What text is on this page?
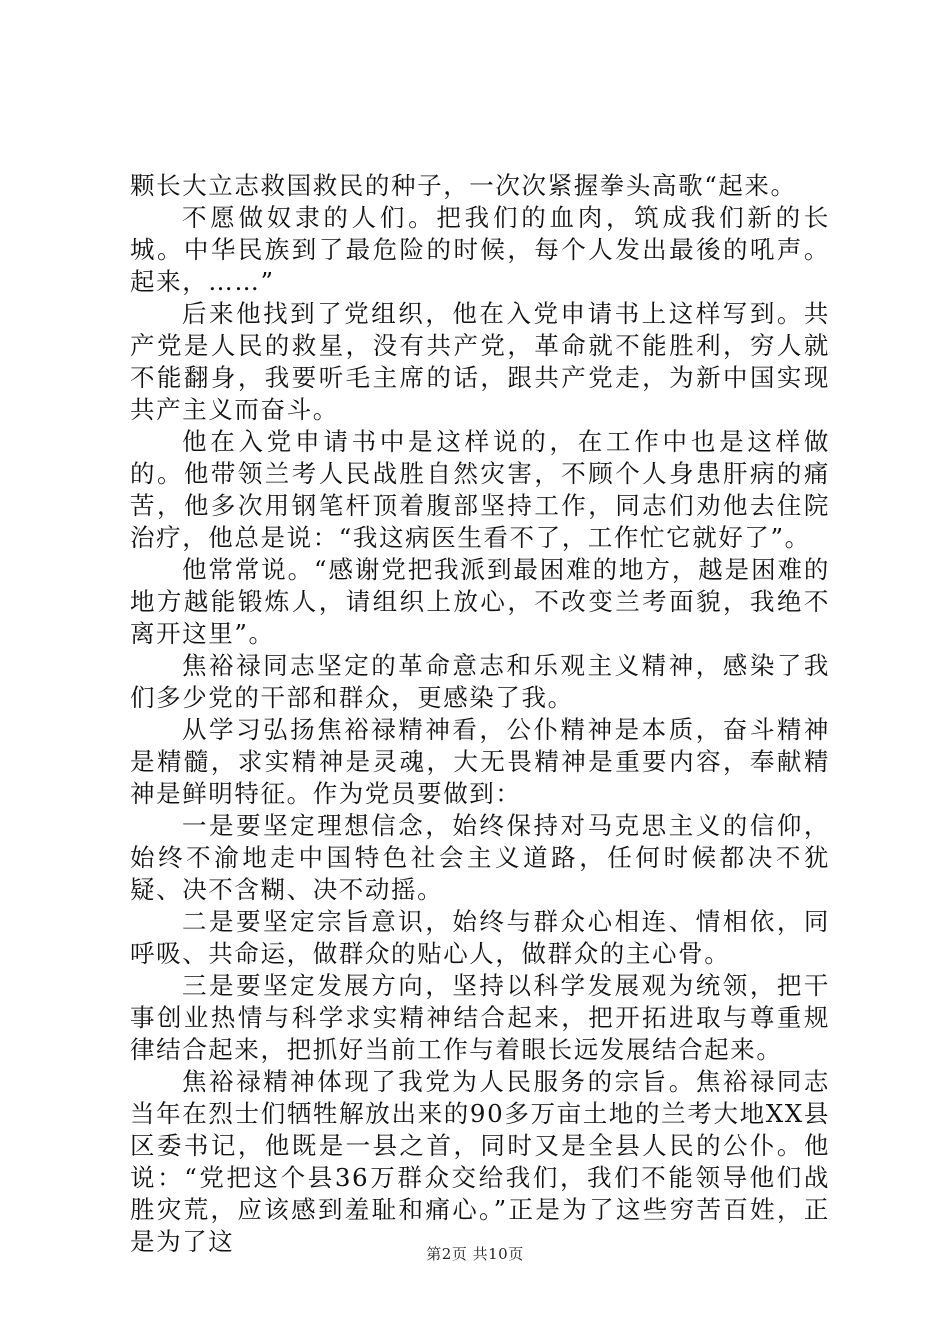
颗长大立志救国救民的种子，一次次紧握拳头高歌“起来。

不愿做奴隶的人们。把我们的血肉，筑成我们新的长城。中华民族到了最危险的时候，每个人发出最後的吼声。起来，……”

后来他找到了党组织，他在入党申请书上这样写到。共产党是人民的救星，没有共产党，革命就不能胜利，穷人就不能翻身，我要听毛主席的话，跟共产党走，为新中国实现共产主义而奋斗。

他在入党申请书中是这样说的，在工作中也是这样做的。他带领兰考人民战胜自然灾害，不顾个人身患肝病的痛苦，他多次用钢笔杆顶着腹部坚持工作，同志们劝他去住院治疗，他总是说：“我这病医生看不了，工作忙它就好了”。

他常常说。“感谢党把我派到最困难的地方，越是困难的地方越能锻炼人，请组织上放心，不改变兰考面貌，我绝不离开这里”。

焦裕禄同志坚定的革命意志和乐观主义精神，感染了我们多少党的干部和群众，更感染了我。

从学习弘扬焦裕禄精神看，公仆精神是本质，奋斗精神是精髓，求实精神是灵魂，大无畏精神是重要内容，奉献精神是鲜明特征。作为党员要做到：

一是要坚定理想信念，始终保持对马克思主义的信仰，始终不渝地走中国特色社会主义道路，任何时候都决不犹疑、决不含糊、决不动摇。

二是要坚定宗旨意识，始终与群众心相连、情相依，同呼吸、共命运，做群众的贴心人，做群众的主心骨。

三是要坚定发展方向，坚持以科学发展观为统领，把干事创业热情与科学求实精神结合起来，把开拓进取与尊重规律结合起来，把抓好当前工作与着眼长远发展结合起来。

焦裕禄精神体现了我党为人民服务的宗旨。焦裕禄同志当年在烈士们牺牲解放出来的90多万亩土地的兰考大地XX县区委书记，他既是一县之首，同时又是全县人民的公仆。他说：“党把这个县36万群众交给我们，我们不能领导他们战胜灾荒，应该感到羞耻和痛心。”正是为了这些穷苦百姓，正是为了这	第2页 共10页
